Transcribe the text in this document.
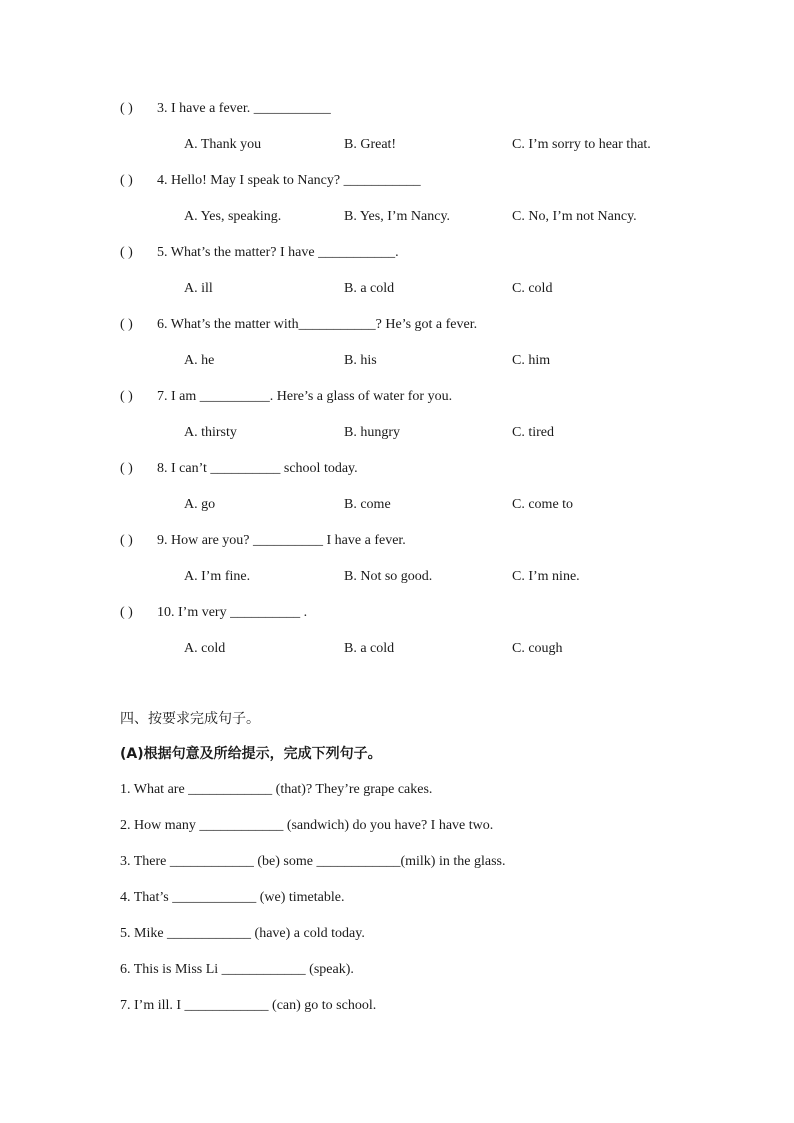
( ) 3. I have a fever. ___________
A. Thank you	B. Great!	C. I’m sorry to hear that.
( ) 4. Hello! May I speak to Nancy? ___________
A. Yes, speaking.	B. Yes, I’m Nancy.	C. No, I’m not Nancy.
( ) 5. What’s the matter? I have ___________.
A. ill	B. a cold	C. cold
( ) 6. What’s the matter with___________? He’s got a fever.
A. he	B. his	C. him
( ) 7. I am __________. Here’s a glass of water for you.
A. thirsty	B. hungry	C. tired
( ) 8. I can’t __________ school today.
A. go	B. come	C. come to
( ) 9. How are you? __________ I have a fever.
A. I’m fine.	B. Not so good.	C. I’m nine.
( ) 10. I’m very __________ .
A. cold	B. a cold	C. cough
四、按要求完成句子。
(A)根据句意及所给提示，完成下列句子。
1. What are ____________ (that)? They’re grape cakes.
2. How many ____________ (sandwich) do you have? I have two.
3. There ____________ (be) some ____________(milk) in the glass.
4. That’s ____________ (we) timetable.
5. Mike ____________ (have) a cold today.
6. This is Miss Li ____________ (speak).
7. I’m ill. I ____________ (can) go to school.
